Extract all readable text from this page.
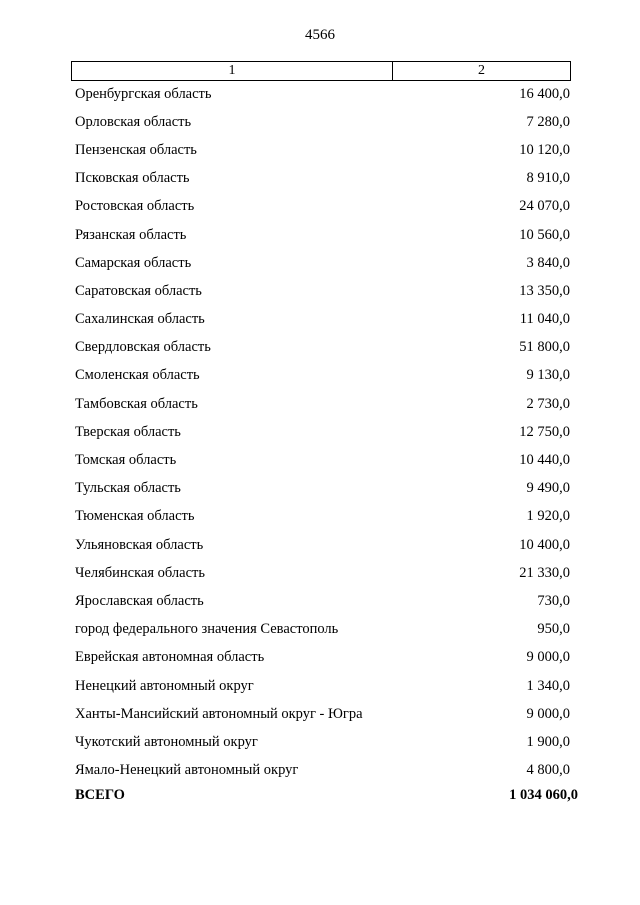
4566
1	2
Оренбургская область	16 400,0
Орловская область	7 280,0
Пензенская область	10 120,0
Псковская область	8 910,0
Ростовская область	24 070,0
Рязанская область	10 560,0
Самарская область	3 840,0
Саратовская область	13 350,0
Сахалинская область	11 040,0
Свердловская область	51 800,0
Смоленская область	9 130,0
Тамбовская область	2 730,0
Тверская область	12 750,0
Томская область	10 440,0
Тульская область	9 490,0
Тюменская область	1 920,0
Ульяновская область	10 400,0
Челябинская область	21 330,0
Ярославская область	730,0
город федерального значения Севастополь	950,0
Еврейская автономная область	9 000,0
Ненецкий автономный округ	1 340,0
Ханты-Мансийский автономный округ - Югра	9 000,0
Чукотский автономный округ	1 900,0
Ямало-Ненецкий автономный округ	4 800,0
ВСЕГО	1 034 060,0
